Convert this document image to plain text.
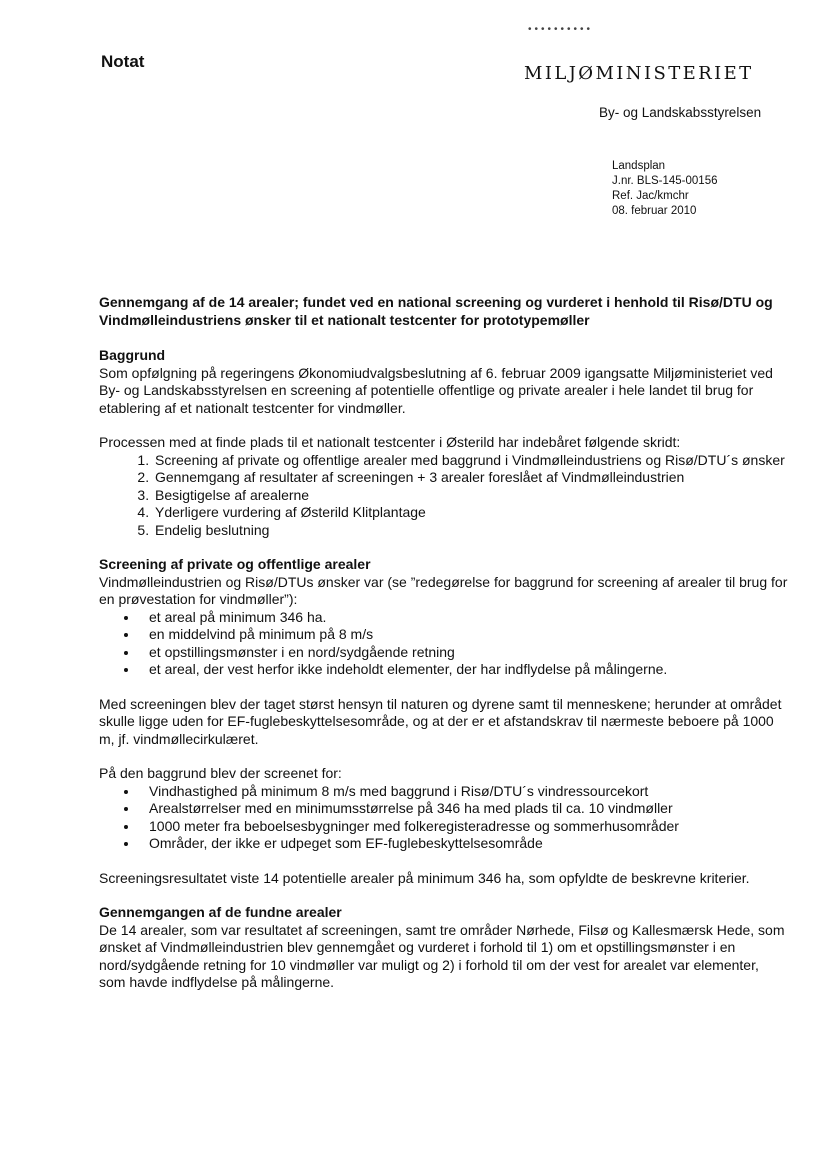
Notat
••••••••••
MILJØMINISTERIET
By- og Landskabsstyrelsen
Landsplan
J.nr. BLS-145-00156
Ref. Jac/kmchr
08. februar 2010

Gennemgang af de 14 arealer; fundet ved en national screening og vurderet i henhold til Risø/DTU og Vindmølleindustriens ønsker til et nationalt testcenter for prototypemøller

Baggrund

Som opfølgning på regeringens Økonomiudvalgsbeslutning af 6. februar 2009 igangsatte Miljøministeriet ved By- og Landskabsstyrelsen en screening af potentielle offentlige og private arealer i hele landet til brug for etablering af et nationalt testcenter for vindmøller.

Processen med at finde plads til et nationalt testcenter i Østerild har indebåret følgende skridt:

1. Screening af private og offentlige arealer med baggrund i Vindmølleindustriens og Risø/DTU´s ønsker
2. Gennemgang af resultater af screeningen + 3 arealer foreslået af Vindmølleindustrien
3. Besigtigelse af arealerne
4. Yderligere vurdering af Østerild Klitplantage
5. Endelig beslutning
Screening af private og offentlige arealer

Vindmølleindustrien og Risø/DTUs ønsker var (se ”redegørelse for baggrund for screening af arealer til brug for en prøvestation for vindmøller”):

• et areal på minimum 346 ha.
• en middelvind på minimum på 8 m/s
• et opstillingsmønster i en nord/sydgående retning
• et areal, der vest herfor ikke indeholdt elementer, der har indflydelse på målingerne.

Med screeningen blev der taget størst hensyn til naturen og dyrene samt til menneskene; herunder at området skulle ligge uden for EF-fuglebeskyttelsesområde, og at der er et afstandskrav til nærmeste beboere på 1000 m, jf. vindmøllecirkulæret.

På den baggrund blev der screenet for:

• Vindhastighed på minimum 8 m/s med baggrund i Risø/DTU´s vindressourcekort
• Arealstørrelser med en minimumsstørrelse på 346 ha med plads til ca. 10 vindmøller
• 1000 meter fra beboelsesbygninger med folkeregisteradresse og sommerhusområder
• Områder, der ikke er udpeget som EF-fuglebeskyttelsesområde

Screeningsresultatet viste 14 potentielle arealer på minimum 346 ha, som opfyldte de beskrevne kriterier.

Gennemgangen af de fundne arealer

De 14 arealer, som var resultatet af screeningen, samt tre områder Nørhede, Filsø og Kallesmærsk Hede, som ønsket af Vindmølleindustrien blev gennemgået og vurderet i forhold til 1) om et opstillingsmønster i en nord/sydgående retning for 10 vindmøller var muligt og 2) i forhold til om der vest for arealet var elementer, som havde indflydelse på målingerne.
